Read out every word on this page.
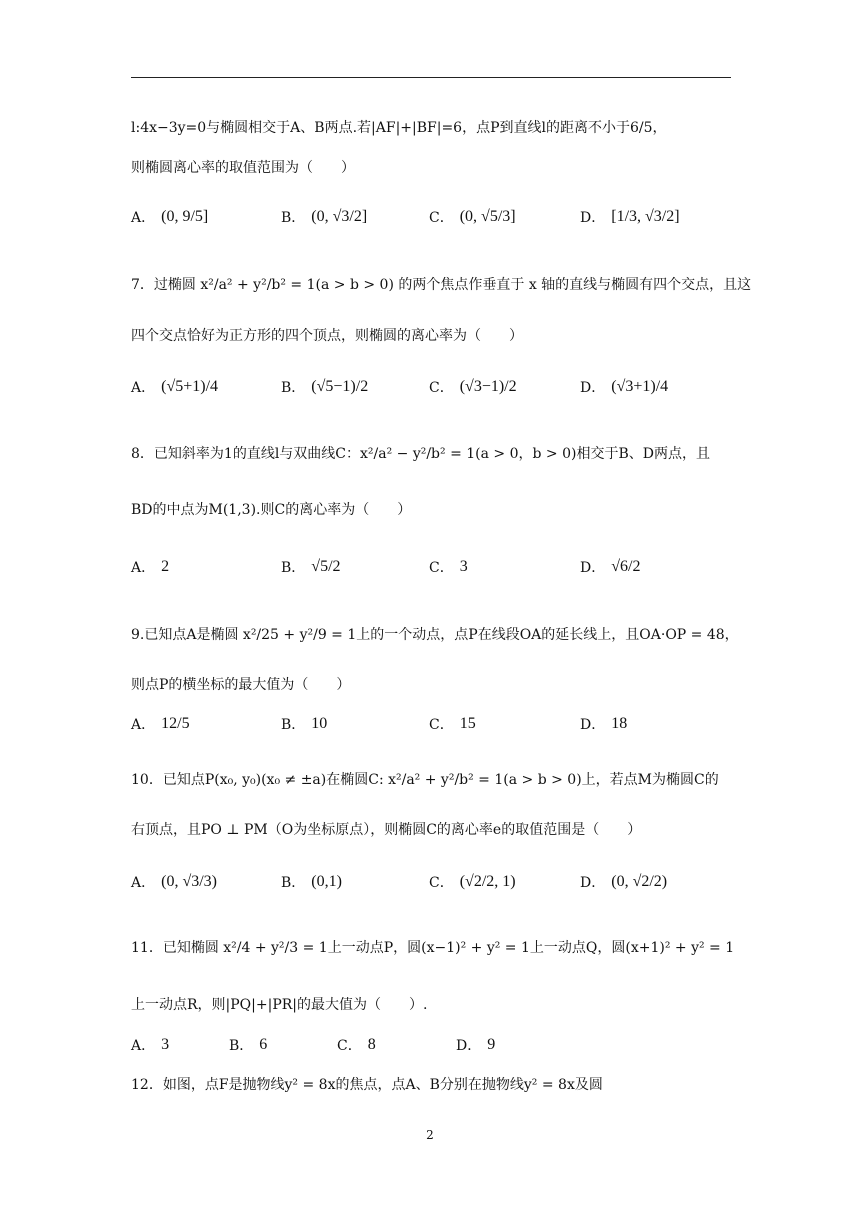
l:4x−3y=0与椭圆相交于A、B两点.若|AF|+|BF|=6，点P到直线l的距离不小于6/5，
则椭圆离心率的取值范围为（　　）
A． (0, 9/5]	B． (0, √3/2]	C． (0, √5/3]	D． [1/3, √3/2]
7．过椭圆 x²/a² + y²/b² = 1(a > b > 0) 的两个焦点作垂直于 x 轴的直线与椭圆有四个交点，且这
四个交点恰好为正方形的四个顶点，则椭圆的离心率为（　　）
A． (√5+1)/4	B． (√5−1)/2	C． (√3−1)/2	D． (√3+1)/4
8．已知斜率为1的直线l与双曲线C：x²/a² − y²/b² = 1(a > 0，b > 0)相交于B、D两点，且
BD的中点为M(1,3).则C的离心率为（　　）
A． 2	B． √5/2	C． 3	D． √6/2
9.已知点A是椭圆 x²/25 + y²/9 = 1上的一个动点，点P在线段OA的延长线上，且OA·OP = 48，
则点P的横坐标的最大值为（　　）
A． 12/5	B． 10	C． 15	D． 18
10．已知点P(x₀, y₀)(x₀ ≠ ±a)在椭圆C: x²/a² + y²/b² = 1(a > b > 0)上，若点M为椭圆C的
右顶点，且PO ⊥ PM（O为坐标原点），则椭圆C的离心率e的取值范围是（　　）
A． (0, √3/3)	B． (0,1)	C． (√2/2, 1)	D． (0, √2/2)
11．已知椭圆 x²/4 + y²/3 = 1上一动点P，圆(x−1)² + y² = 1上一动点Q，圆(x+1)² + y² = 1
上一动点R，则|PQ|+|PR|的最大值为（　　）.
A． 3	B． 6	C． 8	D． 9
12．如图，点F是抛物线y² = 8x的焦点，点A、B分别在抛物线y² = 8x及圆
2
